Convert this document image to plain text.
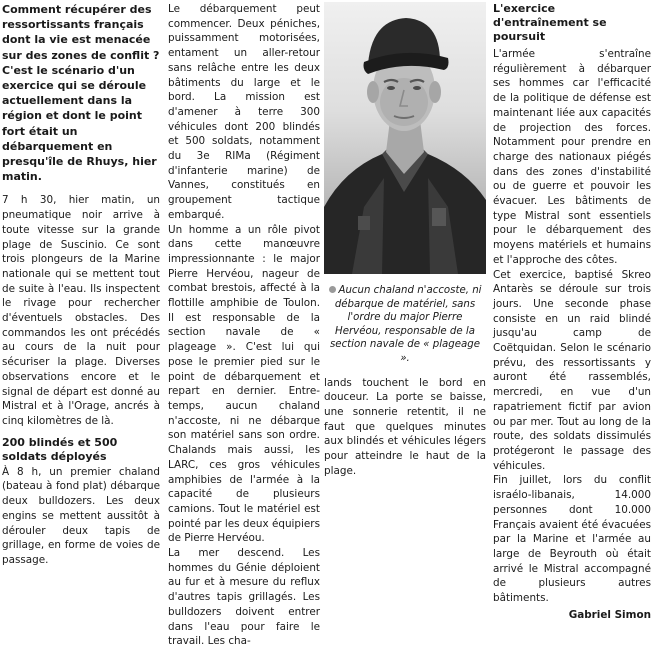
Comment récupérer des ressortissants français dont la vie est menacée sur des zones de conflit ? C'est le scénario d'un exercice qui se déroule actuellement dans la région et dont le point fort était un débarquement en presqu'île de Rhuys, hier matin.

7 h 30, hier matin, un pneumatique noir arrive à toute vitesse sur la grande plage de Suscinio. Ce sont trois plongeurs de la Marine nationale qui se mettent tout de suite à l'eau. Ils inspectent le rivage pour rechercher d'éventuels obstacles. Des commandos les ont précédés au cours de la nuit pour sécuriser la plage. Diverses observations encore et le signal de départ est donné au Mistral et à l'Orage, ancrés à cinq kilomètres de là.

200 blindés et 500 soldats déployés

À 8 h, un premier chaland (bateau à fond plat) débarque deux bulldozers. Les deux engins se mettent aussitôt à dérouler deux tapis de grillage, en forme de voies de passage.

Le débarquement peut commencer. Deux péniches, puissamment motorisées, entament un aller-retour sans relâche entre les deux bâtiments du large et le bord. La mission est d'amener à terre 300 véhicules dont 200 blindés et 500 soldats, notamment du 3e RIMa (Régiment d'infanterie marine) de Vannes, constitués en groupement tactique embarqué.

Un homme a un rôle pivot dans cette manœuvre impressionnante : le major Pierre Hervéou, nageur de combat brestois, affecté à la flottille amphibie de Toulon. Il est responsable de la section navale de « plageage ». C'est lui qui pose le premier pied sur le point de débarquement et repart en dernier. Entre-temps, aucun chaland n'accoste, ni ne débarque son matériel sans son ordre. Chalands mais aussi, les LARC, ces gros véhicules amphibies de l'armée à la capacité de plusieurs camions. Tout le matériel est pointé par les deux équipiers de Pierre Hervéou.

La mer descend. Les hommes du Génie déploient au fur et à mesure du reflux d'autres tapis grillagés. Les bulldozers doivent entrer dans l'eau pour faire le travail. Les cha-

Aucun chaland n'accoste, ni débarque de matériel, sans l'ordre du major Pierre Hervéou, responsable de la section navale de « plageage ».

lands touchent le bord en douceur. La porte se baisse, une sonnerie retentit, il ne faut que quelques minutes aux blindés et véhicules légers pour atteindre le haut de la plage.

L'exercice d'entraînement se poursuit

L'armée s'entraîne régulièrement à débarquer ses hommes car l'efficacité de la politique de défense est maintenant liée aux capacités de projection des forces. Notamment pour prendre en charge des nationaux piégés dans des zones d'instabilité ou de guerre et pouvoir les évacuer. Les bâtiments de type Mistral sont essentiels pour le débarquement des moyens matériels et humains et l'approche des côtes.

Cet exercice, baptisé Skreo Antarès se déroule sur trois jours. Une seconde phase consiste en un raid blindé jusqu'au camp de Coëtquidan. Selon le scénario prévu, des ressortissants y auront été rassemblés, mercredi, en vue d'un rapatriement fictif par avion ou par mer. Tout au long de la route, des soldats dissimulés protégeront le passage des véhicules.

Fin juillet, lors du conflit israélo-libanais, 14.000 personnes dont 10.000 Français avaient été évacuées par la Marine et l'armée au large de Beyrouth où était arrivé le Mistral accompagné de plusieurs autres bâtiments.

Gabriel Simon
